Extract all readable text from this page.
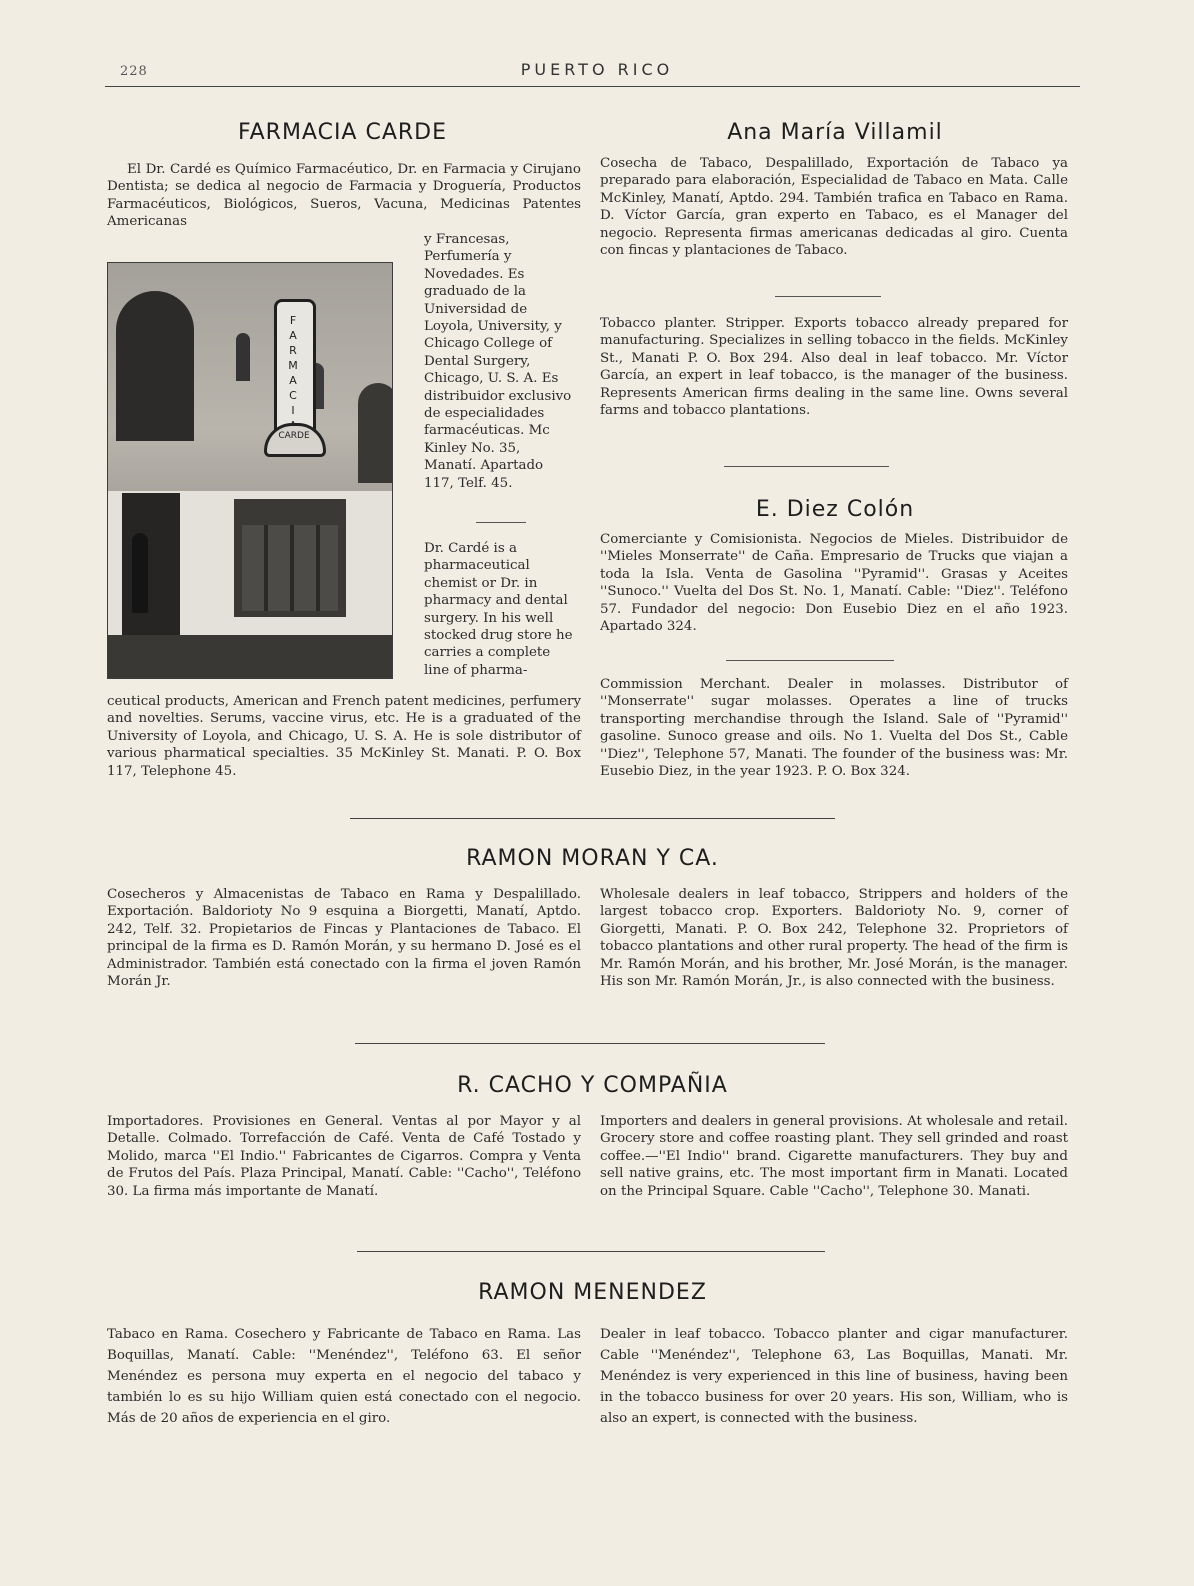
228	PUERTO RICO
FARMACIA CARDE
F
A
R
M
A
C
I

CARDE

El Dr. Cardé es Químico Farmacéutico, Dr. en Farmacia y Cirujano Dentista; se dedica al negocio de Farmacia y Droguería, Productos Farmacéuticos, Biológicos, Sueros, Vacuna, Medicinas Patentes Americanas

y Francesas, Perfumería y Novedades. Es graduado de la Universidad de Loyola, University, y Chicago College of Dental Surgery, Chicago, U. S. A. Es distribuidor exclusivo de especialidades farmacéuticas. Mc Kinley No. 35, Manatí. Apartado 117, Telf. 45.

Dr. Cardé is a pharmaceutical chemist or Dr. in pharmacy and dental surgery. In his well stocked drug store he carries a complete line of pharma-

ceutical products, American and French patent medicines, perfumery and novelties. Serums, vaccine virus, etc. He is a graduated of the University of Loyola, and Chicago, U. S. A. He is sole distributor of various pharmatical specialties. 35 McKinley St. Manati. P. O. Box 117, Telephone 45.

Ana María Villamil
Cosecha de Tabaco, Despalillado, Exportación de Tabaco ya preparado para elaboración, Especialidad de Tabaco en Mata. Calle McKinley, Manatí, Aptdo. 294. También trafica en Tabaco en Rama. D. Víctor García, gran experto en Tabaco, es el Manager del negocio. Representa firmas americanas dedicadas al giro. Cuenta con fincas y plantaciones de Tabaco.
Tobacco planter. Stripper. Exports tobacco already prepared for manufacturing. Specializes in selling tobacco in the fields. McKinley St., Manati P. O. Box 294. Also deal in leaf tobacco. Mr. Víctor García, an expert in leaf tobacco, is the manager of the business. Represents American firms dealing in the same line. Owns several farms and tobacco plantations.
E. Diez Colón
Comerciante y Comisionista. Negocios de Mieles. Distribuidor de ''Mieles Monserrate'' de Caña. Empresario de Trucks que viajan a toda la Isla. Venta de Gasolina ''Pyramid''. Grasas y Aceites ''Sunoco.'' Vuelta del Dos St. No. 1, Manatí. Cable: ''Diez''. Teléfono 57. Fundador del negocio: Don Eusebio Diez en el año 1923. Apartado 324.
Commission Merchant. Dealer in molasses. Distributor of ''Monserrate'' sugar molasses. Operates a line of trucks transporting merchandise through the Island. Sale of ''Pyramid'' gasoline. Sunoco grease and oils. No 1. Vuelta del Dos St., Cable ''Diez'', Telephone 57, Manati. The founder of the business was: Mr. Eusebio Diez, in the year 1923. P. O. Box 324.
RAMON MORAN Y CA.
Cosecheros y Almacenistas de Tabaco en Rama y Despalillado. Exportación. Baldorioty No 9 esquina a Biorgetti, Manatí, Aptdo. 242, Telf. 32. Propietarios de Fincas y Plantaciones de Tabaco. El principal de la firma es D. Ramón Morán, y su hermano D. José es el Administrador. También está conectado con la firma el joven Ramón Morán Jr.
Wholesale dealers in leaf tobacco, Strippers and holders of the largest tobacco crop. Exporters. Baldorioty No. 9, corner of Giorgetti, Manati. P. O. Box 242, Telephone 32. Proprietors of tobacco plantations and other rural property. The head of the firm is Mr. Ramón Morán, and his brother, Mr. José Morán, is the manager. His son Mr. Ramón Morán, Jr., is also connected with the business.
R. CACHO Y COMPAÑIA
Importadores. Provisiones en General. Ventas al por Mayor y al Detalle. Colmado. Torrefacción de Café. Venta de Café Tostado y Molido, marca ''El Indio.'' Fabricantes de Cigarros. Compra y Venta de Frutos del País. Plaza Principal, Manatí. Cable: ''Cacho'', Teléfono 30. La firma más importante de Manatí.
Importers and dealers in general provisions. At wholesale and retail. Grocery store and coffee roasting plant. They sell grinded and roast coffee.—''El Indio'' brand. Cigarette manufacturers. They buy and sell native grains, etc. The most important firm in Manati. Located on the Principal Square. Cable ''Cacho'', Telephone 30. Manati.
RAMON MENENDEZ
Tabaco en Rama. Cosechero y Fabricante de Tabaco en Rama. Las Boquillas, Manatí. Cable: ''Menéndez'', Teléfono 63. El señor Menéndez es persona muy experta en el negocio del tabaco y también lo es su hijo William quien está conectado con el negocio. Más de 20 años de experiencia en el giro.
Dealer in leaf tobacco. Tobacco planter and cigar manufacturer. Cable ''Menéndez'', Telephone 63, Las Boquillas, Manati. Mr. Menéndez is very experienced in this line of business, having been in the tobacco business for over 20 years. His son, William, who is also an expert, is connected with the business.
